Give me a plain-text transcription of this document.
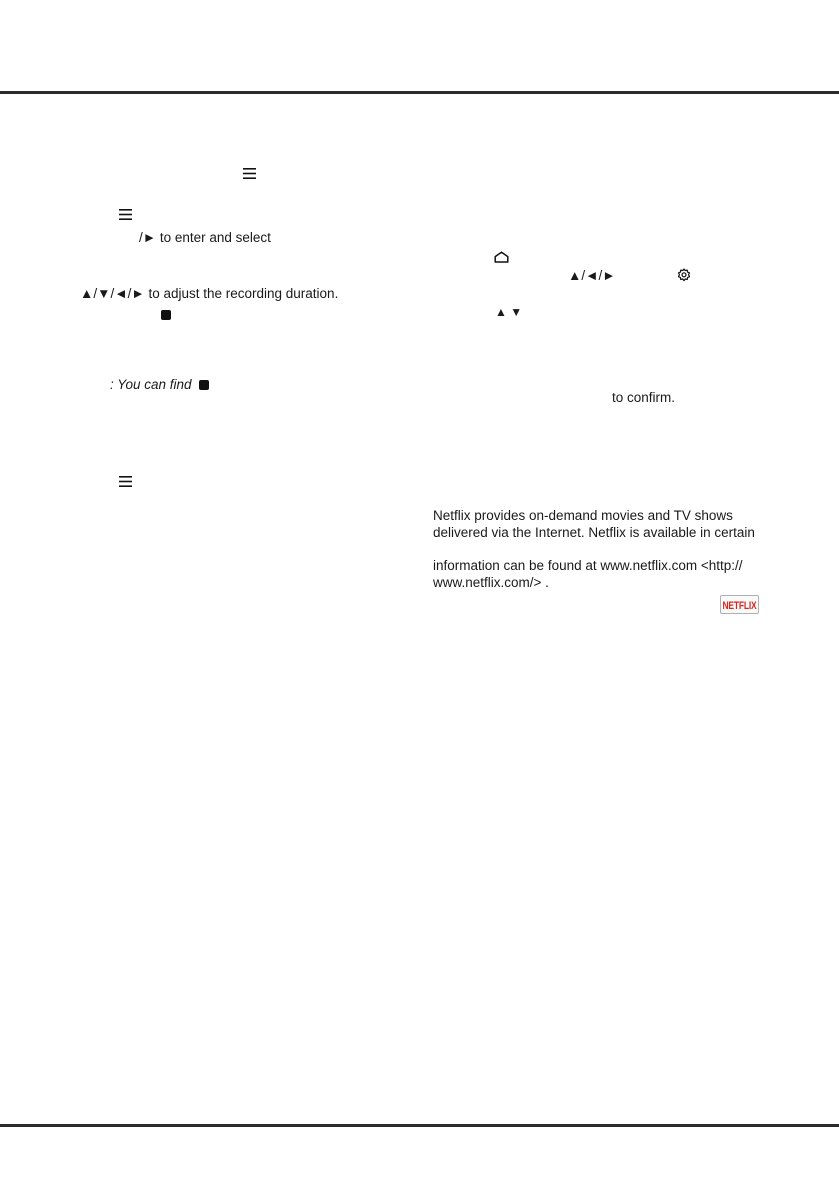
/► to enter and select
▲/▼/◄/► to adjust the recording duration.
: You can find
▲/◄/►
▲ ▼
to confirm.
Netflix provides on-demand movies and TV shows
delivered via the Internet. Netflix is available in certain
information can be found at www.netflix.com <http://
www.netflix.com/> .
NETFLIX
